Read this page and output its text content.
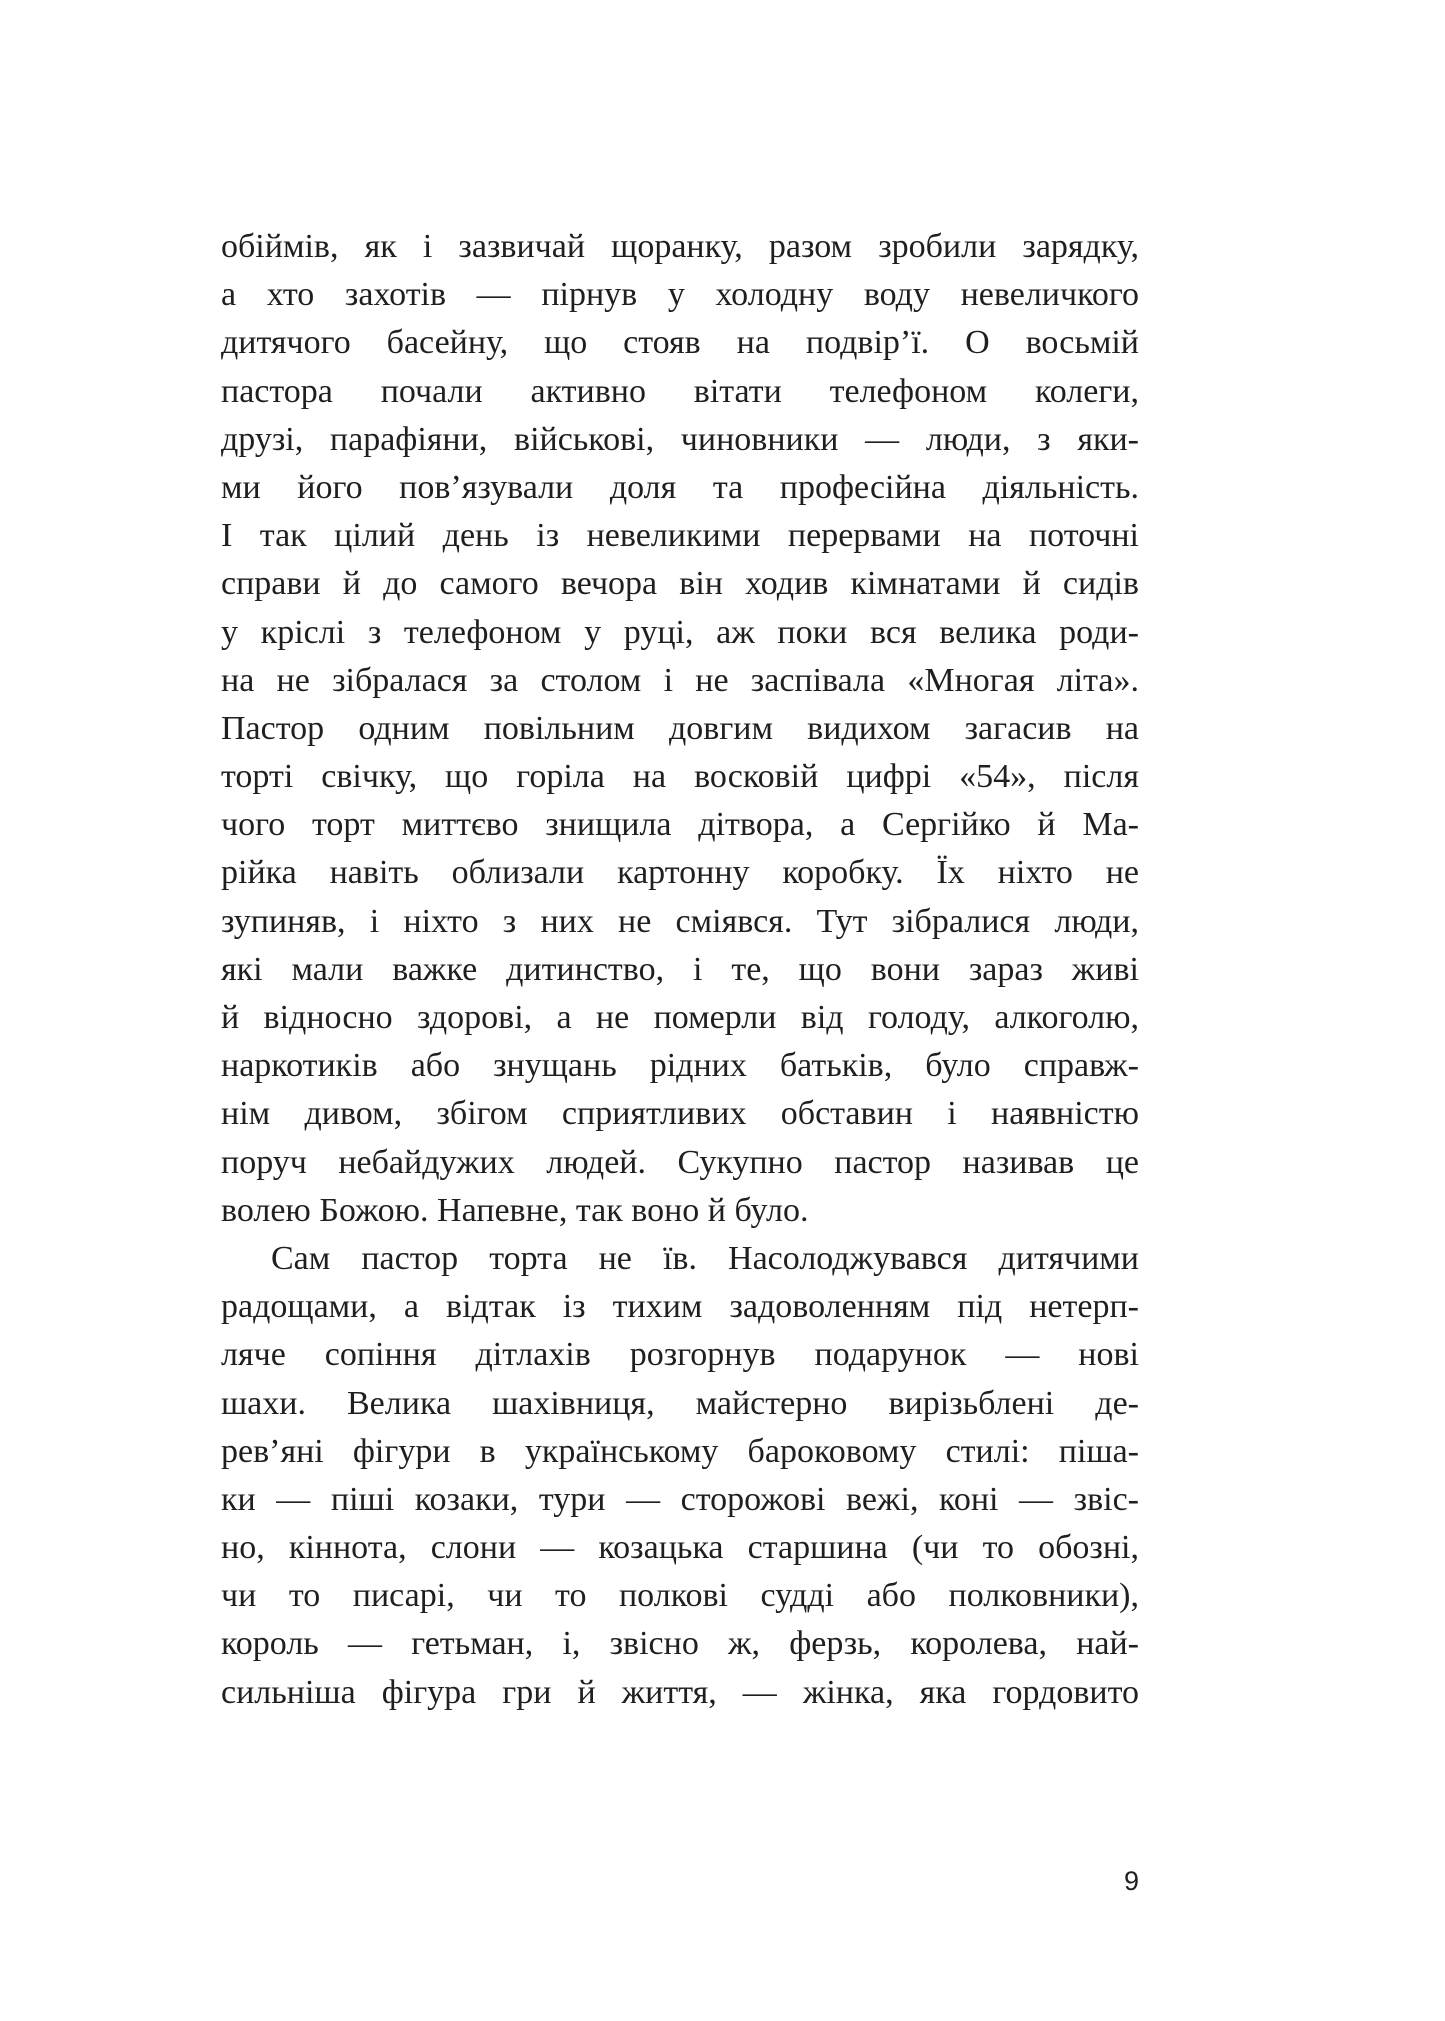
обіймів, як і зазвичай щоранку, разом зробили зарядку,
а хто захотів — пірнув у холодну воду невеличкого
дитячого басейну, що стояв на подвір’ї. О восьмій
пастора почали активно вітати телефоном колеги,
друзі, парафіяни, військові, чиновники — люди, з яки-
ми його пов’язували доля та професійна діяльність.
І так цілий день із невеликими перервами на поточні
справи й до самого вечора він ходив кімнатами й сидів
у кріслі з телефоном у руці, аж поки вся велика роди-
на не зібралася за столом і не заспівала «Многая літа».
Пастор одним повільним довгим видихом загасив на
торті свічку, що горіла на восковій цифрі «54», після
чого торт миттєво знищила дітвора, а Сергійко й Ма-
рійка навіть облизали картонну коробку. Їх ніхто не
зупиняв, і ніхто з них не сміявся. Тут зібралися люди,
які мали важке дитинство, і те, що вони зараз живі
й відносно здорові, а не померли від голоду, алкоголю,
наркотиків або знущань рідних батьків, було справж-
нім дивом, збігом сприятливих обставин і наявністю
поруч небайдужих людей. Сукупно пастор називав це
волею Божою. Напевне, так воно й було.
Сам пастор торта не їв. Насолоджувався дитячими
радощами, а відтак із тихим задоволенням під нетерп-
ляче сопіння дітлахів розгорнув подарунок — нові
шахи. Велика шахівниця, майстерно вирізьблені де-
рев’яні фігури в українському бароковому стилі: піша-
ки — піші козаки, тури — сторожові вежі, коні — звіс-
но, кіннота, слони — козацька старшина (чи то обозні,
чи то писарі, чи то полкові судді або полковники),
король — гетьман, і, звісно ж, ферзь, королева, най-
сильніша фігура гри й життя, — жінка, яка гордовито
9
